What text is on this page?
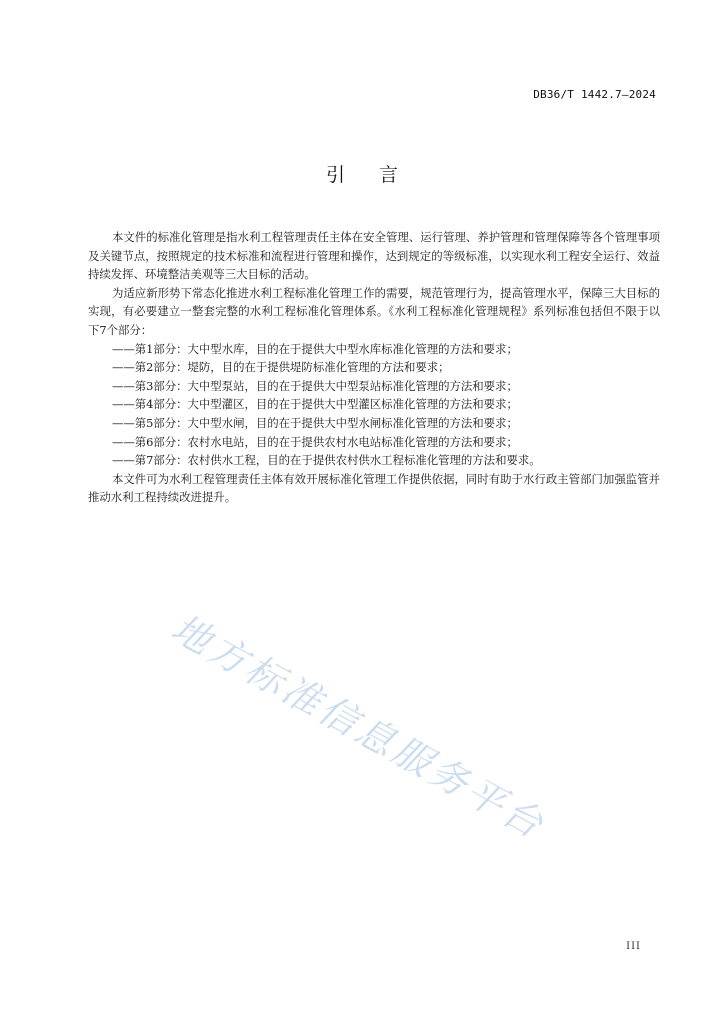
DB36/T 1442.7—2024
引言

本文件的标准化管理是指水利工程管理责任主体在安全管理、运行管理、养护管理和管理保障等各个管理事项及关键节点，按照规定的技术标准和流程进行管理和操作，达到规定的等级标准，以实现水利工程安全运行、效益持续发挥、环境整洁美观等三大目标的活动。

为适应新形势下常态化推进水利工程标准化管理工作的需要，规范管理行为，提高管理水平，保障三大目标的实现，有必要建立一整套完整的水利工程标准化管理体系。《水利工程标准化管理规程》系列标准包括但不限于以下7个部分：

——第1部分：大中型水库，目的在于提供大中型水库标准化管理的方法和要求；
——第2部分：堤防，目的在于提供堤防标准化管理的方法和要求；
——第3部分：大中型泵站，目的在于提供大中型泵站标准化管理的方法和要求；
——第4部分：大中型灌区，目的在于提供大中型灌区标准化管理的方法和要求；
——第5部分：大中型水闸，目的在于提供大中型水闸标准化管理的方法和要求；
——第6部分：农村水电站，目的在于提供农村水电站标准化管理的方法和要求；
——第7部分：农村供水工程，目的在于提供农村供水工程标准化管理的方法和要求。

本文件可为水利工程管理责任主体有效开展标准化管理工作提供依据，同时有助于水行政主管部门加强监管并推动水利工程持续改进提升。

地方标准信息服务平台
III
